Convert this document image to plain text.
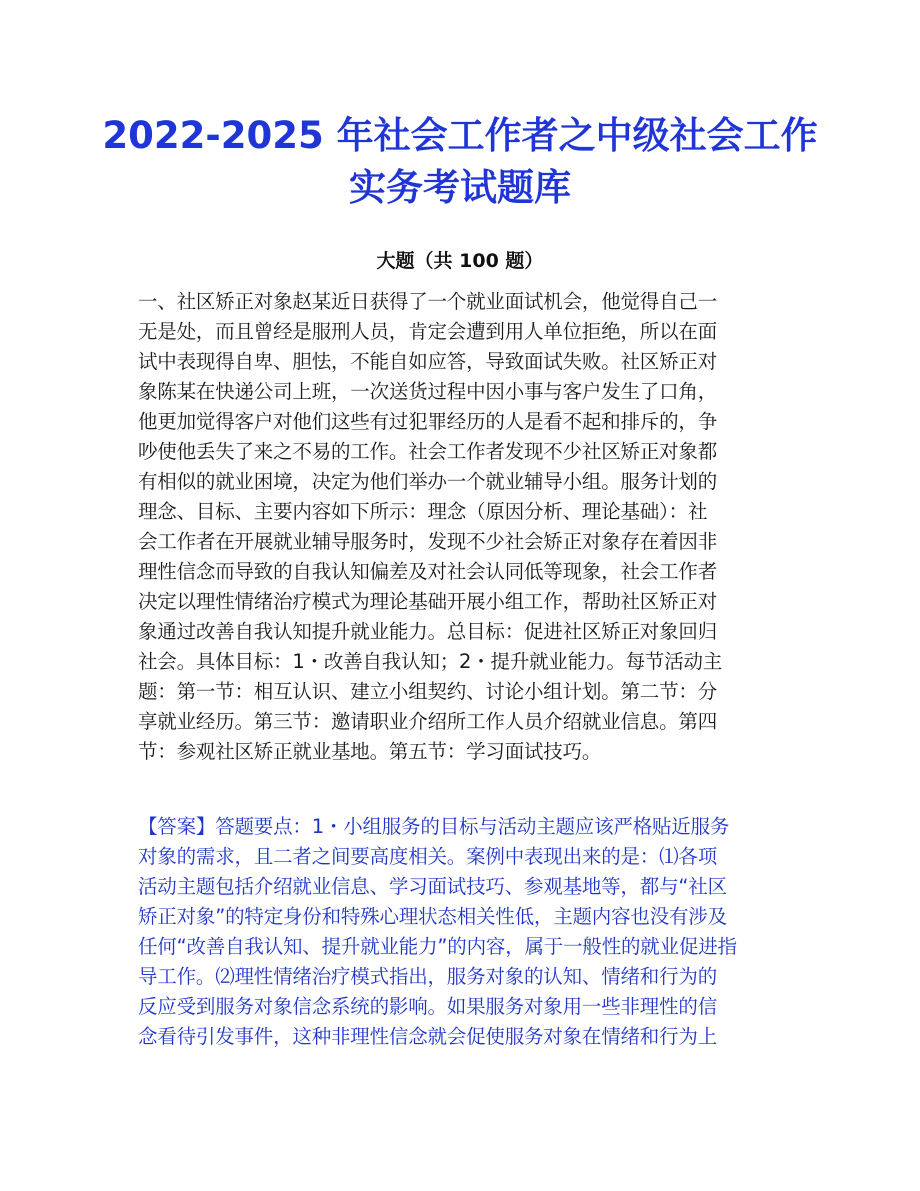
2022-2025 年社会工作者之中级社会工作
实务考试题库
大题（共 100 题）
一、社区矫正对象赵某近日获得了一个就业面试机会，他觉得自己一
无是处，而且曾经是服刑人员，肯定会遭到用人单位拒绝，所以在面
试中表现得自卑、胆怯，不能自如应答，导致面试失败。社区矫正对
象陈某在快递公司上班，一次送货过程中因小事与客户发生了口角，
他更加觉得客户对他们这些有过犯罪经历的人是看不起和排斥的，争
吵使他丢失了来之不易的工作。社会工作者发现不少社区矫正对象都
有相似的就业困境，决定为他们举办一个就业辅导小组。服务计划的
理念、目标、主要内容如下所示：理念（原因分析、理论基础）：社
会工作者在开展就业辅导服务时，发现不少社会矫正对象存在着因非
理性信念而导致的自我认知偏差及对社会认同低等现象，社会工作者
决定以理性情绪治疗模式为理论基础开展小组工作，帮助社区矫正对
象通过改善自我认知提升就业能力。总目标：促进社区矫正对象回归
社会。具体目标：1・改善自我认知；2・提升就业能力。每节活动主
题：第一节：相互认识、建立小组契约、讨论小组计划。第二节：分
享就业经历。第三节：邀请职业介绍所工作人员介绍就业信息。第四
节：参观社区矫正就业基地。第五节：学习面试技巧。
【答案】答题要点：1・小组服务的目标与活动主题应该严格贴近服务
对象的需求，且二者之间要高度相关。案例中表现出来的是：⑴各项
活动主题包括介绍就业信息、学习面试技巧、参观基地等，都与“社区
矫正对象”的特定身份和特殊心理状态相关性低，主题内容也没有涉及
任何“改善自我认知、提升就业能力”的内容，属于一般性的就业促进指
导工作。⑵理性情绪治疗模式指出，服务对象的认知、情绪和行为的
反应受到服务对象信念系统的影响。如果服务对象用一些非理性的信
念看待引发事件，这种非理性信念就会促使服务对象在情绪和行为上
